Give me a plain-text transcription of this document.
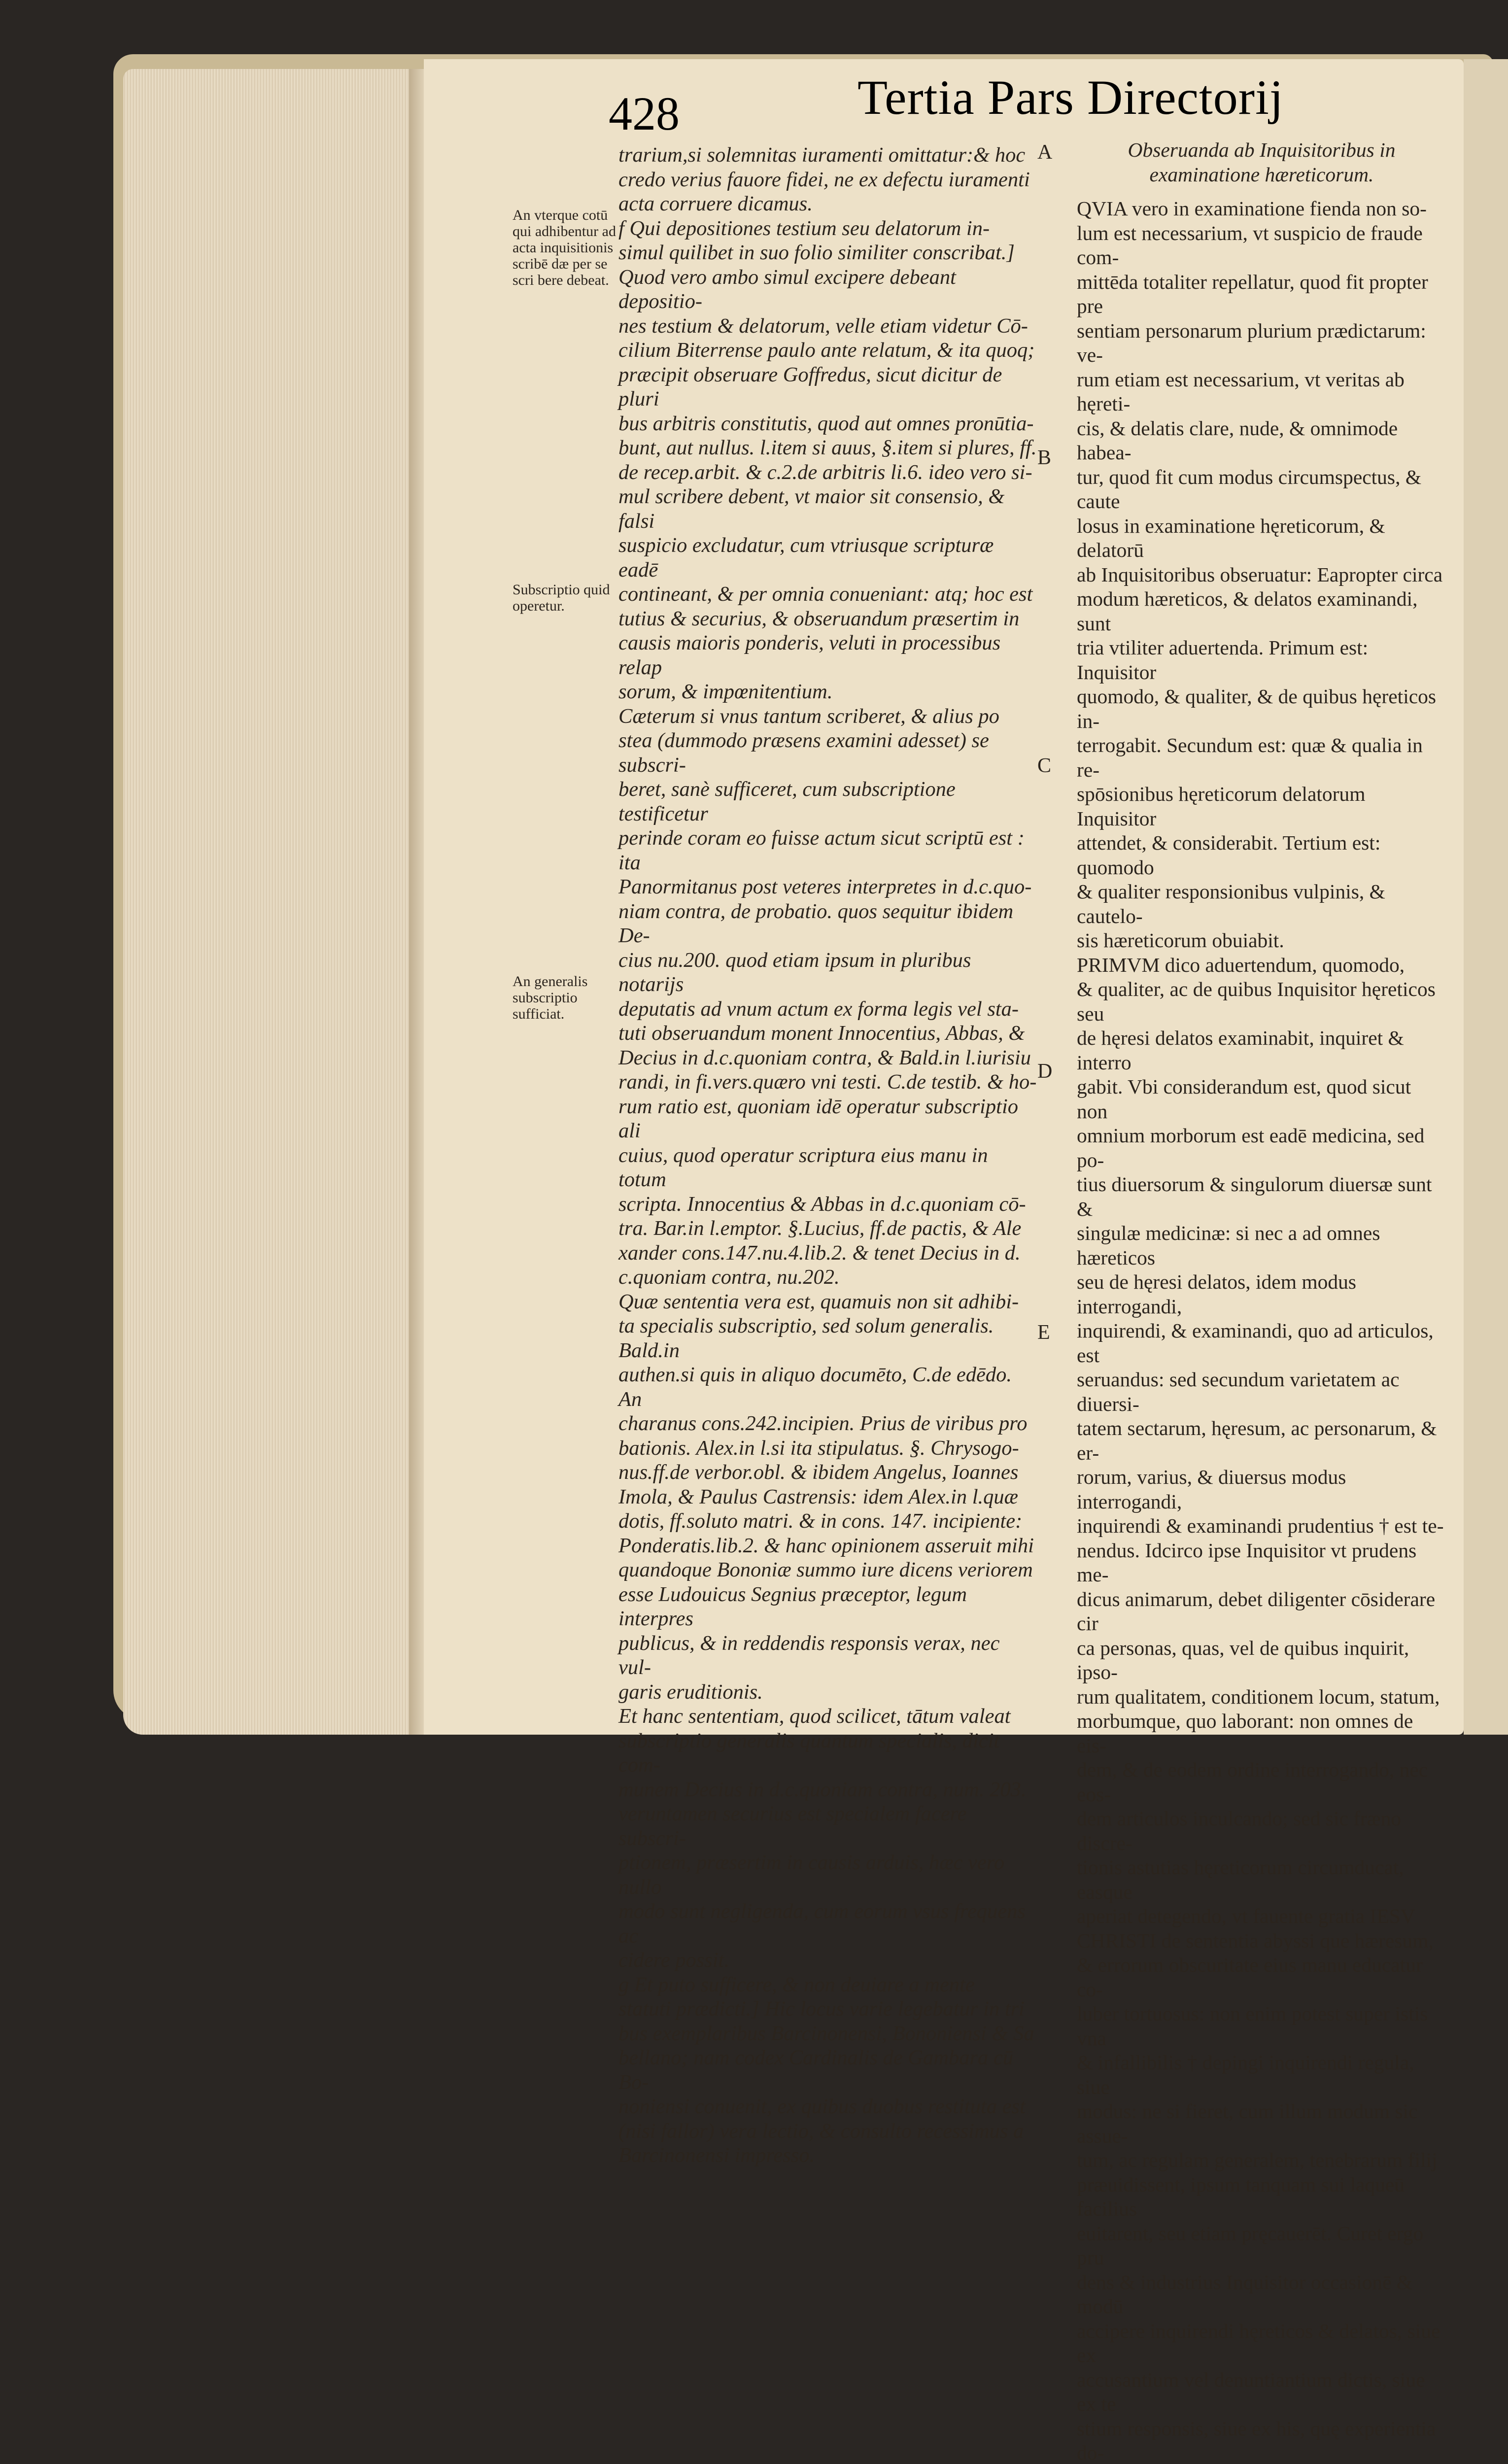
428	Tertia Pars Directorij

trarium,si solemnitas iuramenti omittatur:& hoc

credo verius fauore fidei, ne ex defectu iuramenti

acta corruere dicamus.

f Qui depositiones testium seu delatorum in-

simul quilibet in suo folio similiter conscribat.]

Quod vero ambo simul excipere debeant depositio-

nes testium & delatorum, velle etiam videtur Cō-

cilium Biterrense paulo ante relatum, & ita quoq;

præcipit obseruare Goffredus, sicut dicitur de pluri

bus arbitris constitutis, quod aut omnes pronūtia-

bunt, aut nullus. l.item si auus, §.item si plures, ff.

de recep.arbit. & c.2.de arbitris li.6. ideo vero si-

mul scribere debent, vt maior sit consensio, & falsi

suspicio excludatur, cum vtriusque scripturæ eadē

contineant, & per omnia conueniant: atq; hoc est

tutius & securius, & obseruandum præsertim in

causis maioris ponderis, veluti in processibus relap

sorum, & impœnitentium.

Cæterum si vnus tantum scriberet, & alius po

stea (dummodo præsens examini adesset) se subscri-

beret, sanè sufficeret, cum subscriptione testificetur

perinde coram eo fuisse actum sicut scriptū est : ita

Panormitanus post veteres interpretes in d.c.quo-

niam contra, de probatio. quos sequitur ibidem De-

cius nu.200. quod etiam ipsum in pluribus notarijs

deputatis ad vnum actum ex forma legis vel sta-

tuti obseruandum monent Innocentius, Abbas, &

Decius in d.c.quoniam contra, & Bald.in l.iurisiu

randi, in fi.vers.quæro vni testi. C.de testib. & ho-

rum ratio est, quoniam idē operatur subscriptio ali

cuius, quod operatur scriptura eius manu in totum

scripta. Innocentius & Abbas in d.c.quoniam cō-

tra. Bar.in l.emptor. §.Lucius, ff.de pactis, & Ale

xander cons.147.nu.4.lib.2. & tenet Decius in d.

c.quoniam contra, nu.202.

Quæ sententia vera est, quamuis non sit adhibi-

ta specialis subscriptio, sed solum generalis. Bald.in

authen.si quis in aliquo documēto, C.de edēdo. An

charanus cons.242.incipien. Prius de viribus pro

bationis. Alex.in l.si ita stipulatus. §. Chrysogo-

nus.ff.de verbor.obl. & ibidem Angelus, Ioannes

Imola, & Paulus Castrensis: idem Alex.in l.quæ

dotis, ff.soluto matri. & in cons. 147. incipiente:

Ponderatis.lib.2. & hanc opinionem asseruit mihi

quandoque Bononiæ summo iure dicens veriorem

esse Ludouicus Segnius præceptor, legum interpres

publicus, & in reddendis responsis verax, nec vul-

garis eruditionis.

Et hanc sententiam, quod scilicet, tātum valeat

subscriptio generalis quantum specialis, dicit com-

munem Decius in d.c.quoniam contra, num. 203.

veruntamen securius est specialem facere subscri-

ptionem, præsertim in causis arduis, hæc vero nullo

modo sunt negligenda, cum eorum vsus frequens ac

cidere possit.

g Et puto sufficere, & non deuiare a mente

statuti prædicti.] Hic locus varie legebatur in tri

bus exemplaribus Barcinonensi, Bononiensi & Sa

bellano; nam codex Cardinalis de Gambara cū Bo-

noniensi conuenit, ex quibus duobus restituta est

(nisi fallor) vera lectio, & consulto recessimus a

Barcinonensi impresso.

Obseruanda ab Inquisitoribus in examinatione hæreticorum.

QVIA vero in examinatione fienda non so-

lum est necessarium, vt suspicio de fraude com-

mittēda totaliter repellatur, quod fit propter pre

sentiam personarum plurium prædictarum: ve-

rum etiam est necessarium, vt veritas ab hęreti-

cis, & delatis clare, nude, & omnimode habea-

tur, quod fit cum modus circumspectus, & caute

losus in examinatione hęreticorum, & delatorū

ab Inquisitoribus obseruatur: Eapropter circa

modum hæreticos, & delatos examinandi, sunt

tria vtiliter aduertenda. Primum est: Inquisitor

quomodo, & qualiter, & de quibus hęreticos in-

terrogabit. Secundum est: quæ & qualia in re-

spōsionibus hęreticorum delatorum Inquisitor

attendet, & considerabit. Tertium est: quomodo

& qualiter responsionibus vulpinis, & cautelo-

sis hæreticorum obuiabit.

PRIMVM dico aduertendum, quomodo,

& qualiter, ac de quibus Inquisitor hęreticos seu

de hęresi delatos examinabit, inquiret & interro

gabit. Vbi considerandum est, quod sicut non

omnium morborum est eadē medicina, sed po-

tius diuersorum & singulorum diuersæ sunt &

singulæ medicinæ: si nec a ad omnes hæreticos

seu de hęresi delatos, idem modus interrogandi,

inquirendi, & examinandi, quo ad articulos, est

seruandus: sed secundum varietatem ac diuersi-

tatem sectarum, hęresum, ac personarum, & er-

rorum, varius, & diuersus modus interrogandi,

inquirendi & examinandi prudentius † est te-

nendus. Idcirco ipse Inquisitor vt prudens me-

dicus animarum, debet diligenter cōsiderare cir

ca personas, quas, vel de quibus inquirit, ipso-

rum qualitatem, conditionem locum, statum,

morbumque, quo laborant: non omnes de eis-

dem, & de eodem ordine interrogando, nec eos-

dem articulos inculcando; sed sic fræno discre-

tionis astutias hęreticorum circumducat, easque

aperiat detegendo, vt fauente gratia IESV

CHRISTI de sententia abyssi que hæresum,

& errorum obscuritate eius manu educatur co-

luber tortuosus: non enim potest super istis vna

& infallibilis † depingi inquirendi regula, siue

modus: ne si fieret, cum illum modum sic assue-

tum, ac regulam generalem, tenebrarum filij

præuidissent, ipsum tanquam sui laqueū facilius

euitarent, seu etiam pręcauerēt. Curet ergo pru

dens & industrius Inquisitor occasionē & modū

accipere inquirendi hęreticos & delatos, siue ex

accusantium vel denuntiantium dictis, siue ex te

stium responsis, siue ex his, quę experientia do-

An vterque cotū qui adhibentur ad acta inquisitionis scribē dæ per se scri bere debeat.
Subscriptio quid operetur.
An generalis subscriptio sufficiat.
A
B
C
D
E
